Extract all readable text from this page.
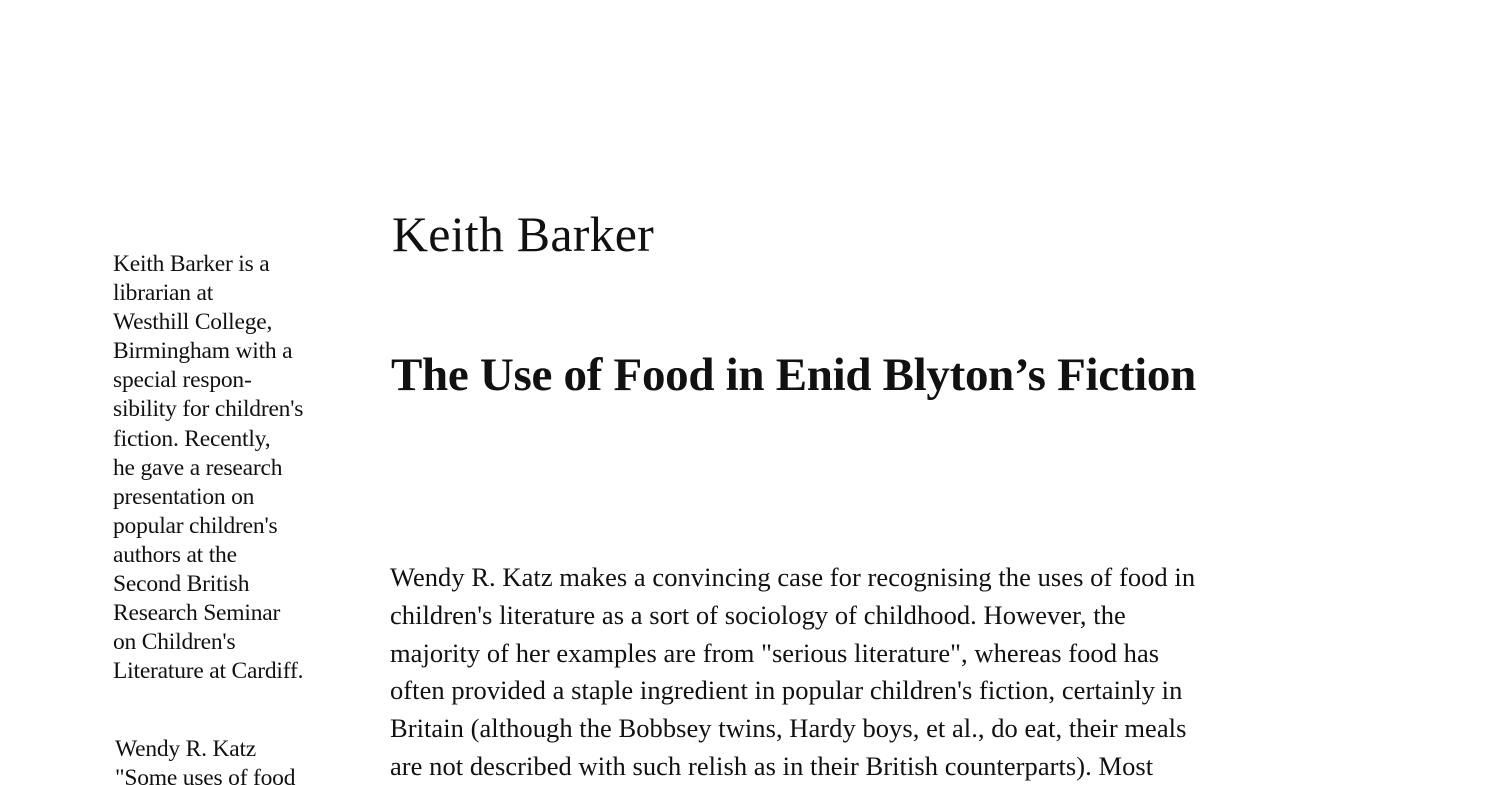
Keith Barker is a
librarian at
Westhill College,
Birmingham with a
special respon-
sibility for children's
fiction. Recently,
he gave a research
presentation on
popular children's
authors at the
Second British
Research Seminar
on Children's
Literature at Cardiff.
Wendy R. Katz
"Some uses of food
Keith Barker
The Use of Food in Enid Blyton’s Fiction
Wendy R. Katz makes a convincing case for recognising the uses of food in
children's literature as a sort of sociology of childhood. However, the
majority of her examples are from "serious literature", whereas food has
often provided a staple ingredient in popular children's fiction, certainly in
Britain (although the Bobbsey twins, Hardy boys, et al., do eat, their meals
are not described with such relish as in their British counterparts). Most
